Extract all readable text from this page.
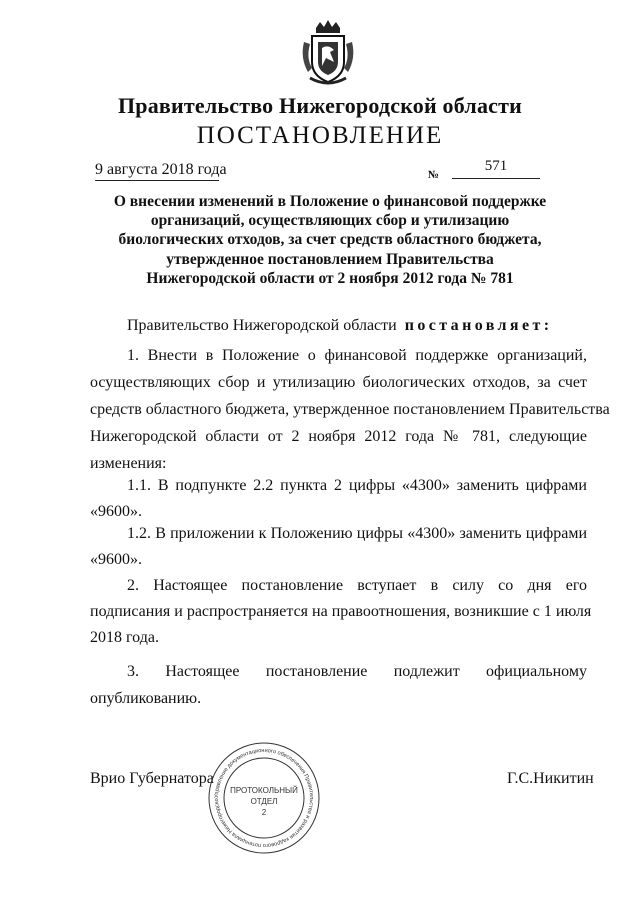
Правительство Нижегородской области
ПОСТАНОВЛЕНИЕ
9 августа 2018 года	№
571
О внесении изменений в Положение о финансовой поддержке
организаций, осуществляющих сбор и утилизацию
биологических отходов, за счет средств областного бюджета,
утвержденное постановлением Правительства
Нижегородской области от 2 ноября 2012 года № 781
Правительство Нижегородской области постановляет:
1. Внести в Положение о финансовой поддержке организаций,
осуществляющих сбор и утилизацию биологических отходов, за счет
средств областного бюджета, утвержденное постановлением Правительства
Нижегородской области от 2 ноября 2012 года № 781, следующие
изменения:
1.1. В подпункте 2.2 пункта 2 цифры «4300» заменить цифрами
«9600».
1.2. В приложении к Положению цифры «4300» заменить цифрами
«9600».
2. Настоящее постановление вступает в силу со дня его
подписания и распространяется на правоотношения, возникшие с 1 июля
2018 года.
3. Настоящее постановление подлежит официальному
опубликованию.
Врио Губернатора	Г.С.Никитин
Управление документационного обеспечения Правительства и развития кадрового потенциала Нижегородско
ПРОТОКОЛЬНЫЙ
ОТДЕЛ
2
